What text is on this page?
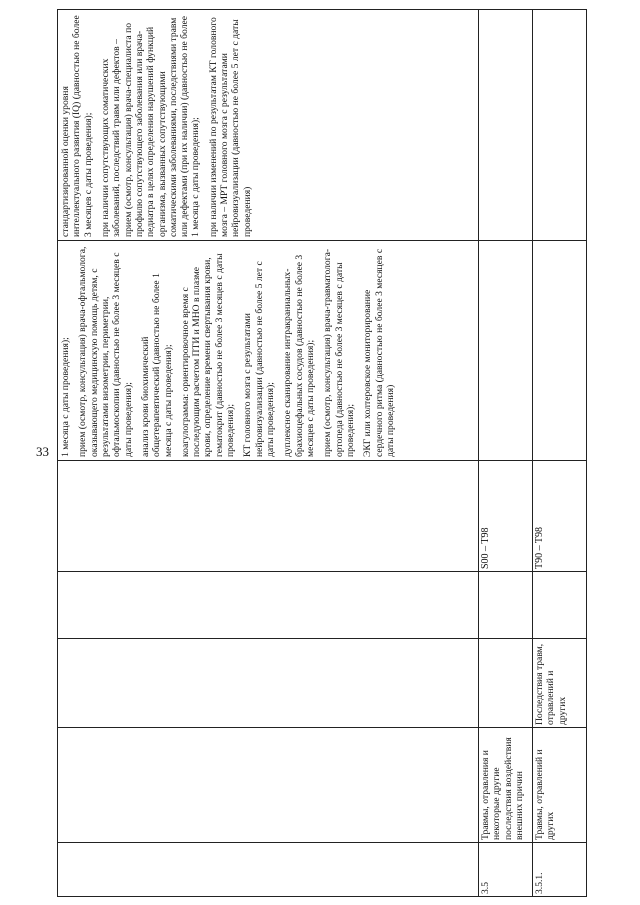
33 1 месяца с даты проведения); прием (осмотр, консультация) врача-офтальмолога, оказывающего медицинскую помощь детям, с результатами визометрии, периметрии, офтальмоскопии (давностью не более 3 месяцев с даты проведения); анализ крови биохимический общетерапевтический (давностью не более 1 месяца с даты проведения); коагулограмма: ориентировочное время с последующим расчетом ПТИ и МНО в плазме крови, определение времени свертывания крови, гематокрит (давностью не более 3 месяцев с даты проведения); КТ головного мозга с результатами нейровизуализации (давностью не более 5 лет с даты проведения); дуплексное сканирование интракраниальных-брахиоцефальных сосудов (давностью не более 3 месяцев с даты проведения); прием (осмотр, консультация) врача-травматолога-ортопеда (давностью не более 3 месяцев с даты проведения); ЭКГ или холтеровское мониторирование сердечного ритма (давностью не более 3 месяцев с даты проведения)

стандартизированной оценки уровня интеллектуального развития (IQ) (давностью не более 3 месяцев с даты проведения); при наличии сопутствующих соматических заболеваний, последствий травм или дефектов – прием (осмотр, консультация) врача-специалиста по профилю сопутствующего заболевания или врача-педиатра в целях определения нарушений функций организма, вызванных сопутствующими соматическими заболеваниями, последствиями травм или дефектами (при их наличии) (давностью не более 1 месяца с даты проведения); при наличии изменений по результатам КТ головного мозга – МРТ головного мозга с результатами нейровизуализации (давностью не более 5 лет с даты проведения)

3.5
Травмы, отравления и некоторые другие последствия воздействия внешних причин
S00 – T98
3.5.1.
Травмы, отравлений и других
Последствия травм, отравлений и других
T90 – T98
